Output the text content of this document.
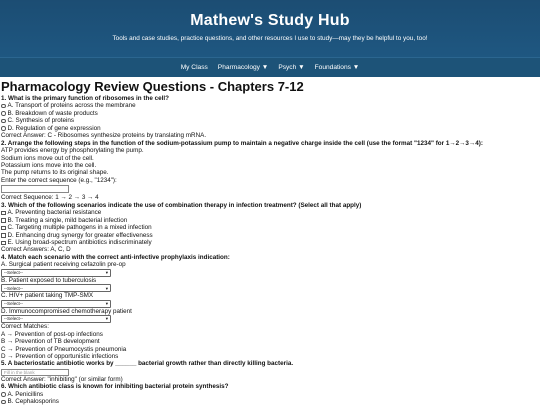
Mathew's Study Hub

Tools and case studies, practice questions, and other resources I use to study—may they be helpful to you, too!

My Class Pharmacology ▼ Psych ▼ Foundations ▼
Pharmacology Review Questions - Chapters 7-12
1. What is the primary function of ribosomes in the cell?
A. Transport of proteins across the membrane
B. Breakdown of waste products
C. Synthesis of proteins
D. Regulation of gene expression
Correct Answer: C - Ribosomes synthesize proteins by translating mRNA.
2. Arrange the following steps in the function of the sodium-potassium pump to maintain a negative charge inside the cell (use the format "1234" for 1→2→3→4):
ATP provides energy by phosphorylating the pump.
Sodium ions move out of the cell.
Potassium ions move into the cell.
The pump returns to its original shape.
Enter the correct sequence (e.g., "1234"):
Correct Sequence: 1 → 2 → 3 → 4
3. Which of the following scenarios indicate the use of combination therapy in infection treatment? (Select all that apply)
A. Preventing bacterial resistance
B. Treating a single, mild bacterial infection
C. Targeting multiple pathogens in a mixed infection
D. Enhancing drug synergy for greater effectiveness
E. Using broad-spectrum antibiotics indiscriminately
Correct Answers: A, C, D
4. Match each scenario with the correct anti-infective prophylaxis indication:
A. Surgical patient receiving cefazolin pre-op
--Select--	▾
B. Patient exposed to tuberculosis
--Select--	▾
C. HIV+ patient taking TMP-SMX
--Select--	▾
D. Immunocompromised chemotherapy patient
--Select--	▾
Correct Matches:
A → Prevention of post-op infections
B → Prevention of TB development
C → Prevention of Pneumocystis pneumonia
D → Prevention of opportunistic infections
5. A bacteriostatic antibiotic works by ______ bacterial growth rather than directly killing bacteria.
Fill in the blank
Correct Answer: "inhibiting" (or similar form)
6. Which antibiotic class is known for inhibiting bacterial protein synthesis?
A. Penicillins
B. Cephalosporins
